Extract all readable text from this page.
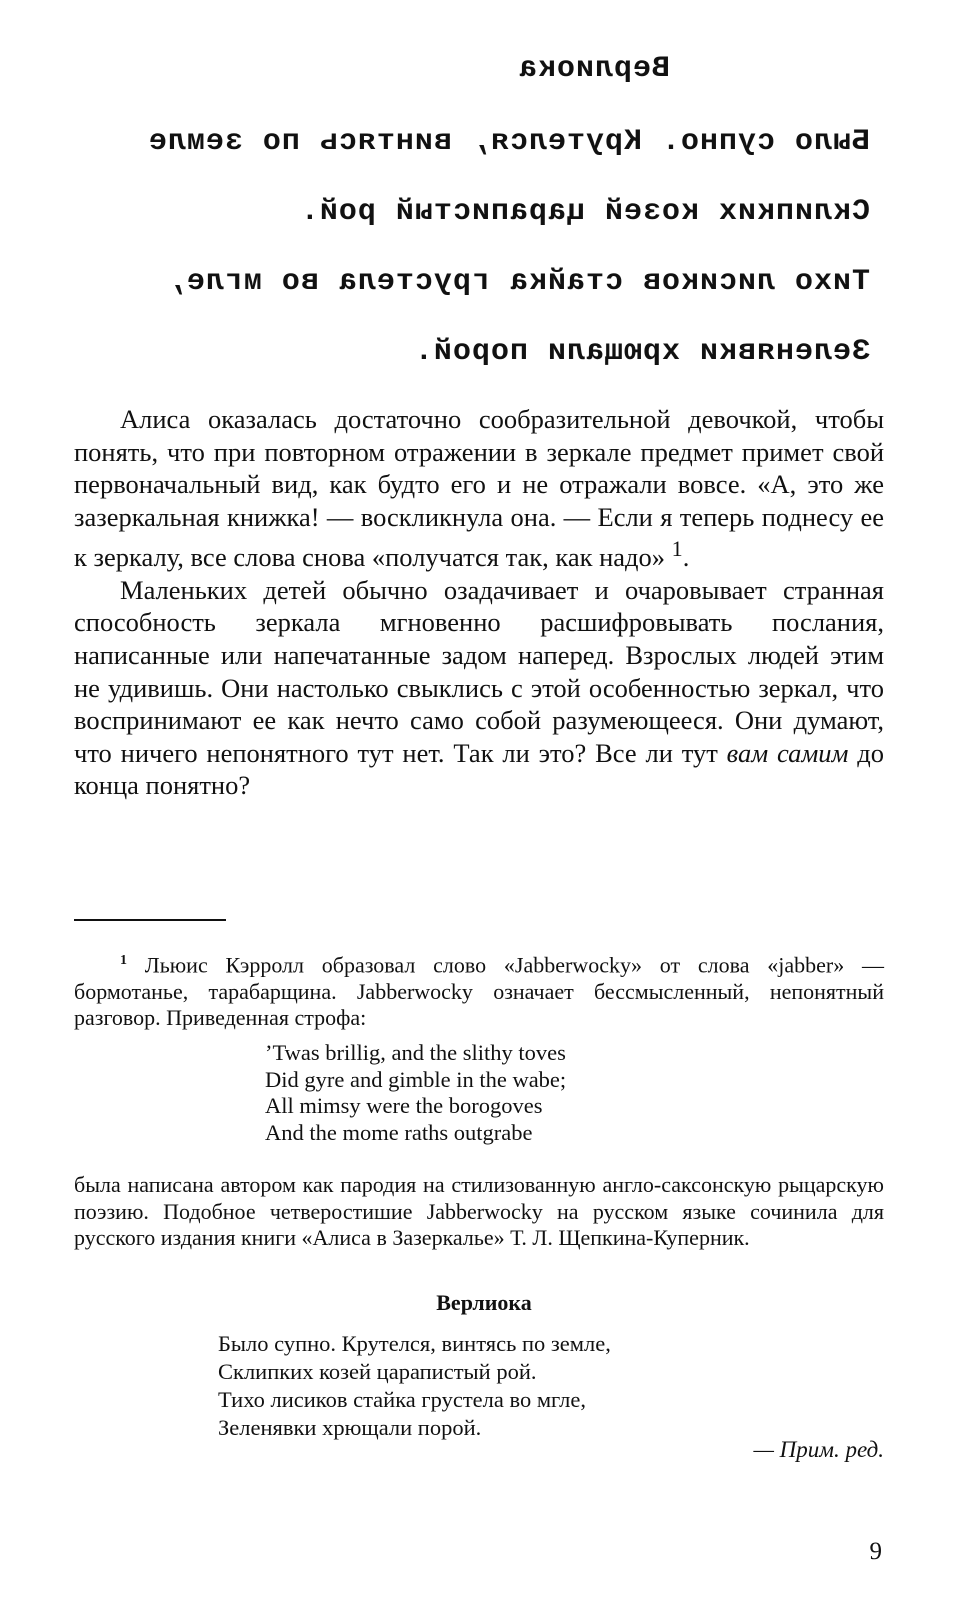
Верлиока
Было супно. Крутелся, винтясь по земле
Склипких козей царапистый рой.
Тихо лисиков стайка грустела во мгле,
Зеленявки хрющали порой.

Алиса оказалась достаточно сообразительной девочкой, чтобы понять, что при повторном отражении в зеркале предмет примет свой первоначальный вид, как будто его и не отражали вовсе. «А, это же зазеркальная книжка! — воскликнула она. — Если я теперь поднесу ее к зеркалу, все слова снова «получатся так, как надо» $^1$.

Маленьких детей обычно озадачивает и очаровывает странная способность зеркала мгновенно расшифровывать послания, написанные или напечатанные задом наперед. Взрослых людей этим не удивишь. Они настолько свыклись с этой особенностью зеркал, что воспринимают ее как нечто само собой разумеющееся. Они думают, что ничего непонятного тут нет. Так ли это? Все ли тут вам самим до конца понятно?

$^1$ Льюис Кэрролл образовал слово «Jabberwocky» от слова «jabber» — бормотанье, тарабарщина. Jabberwocky означает бессмысленный, непонятный разговор. Приведенная строфа:

’Twas brillig, and the slithy toves
Did gyre and gimble in the wabe;
All mimsy were the borogoves
And the mome raths outgrabe

была написана автором как пародия на стилизованную англо-саксонскую рыцарскую поэзию. Подобное четверостишие Jabberwocky на русском языке сочинила для русского издания книги «Алиса в Зазеркалье» Т. Л. Щепкина-Куперник.

Верлиока
Было супно. Крутелся, винтясь по земле,
Склипких козей царапистый рой.
Тихо лисиков стайка грустела во мгле,
Зеленявки хрющали порой.
— Прим. ред.
9
